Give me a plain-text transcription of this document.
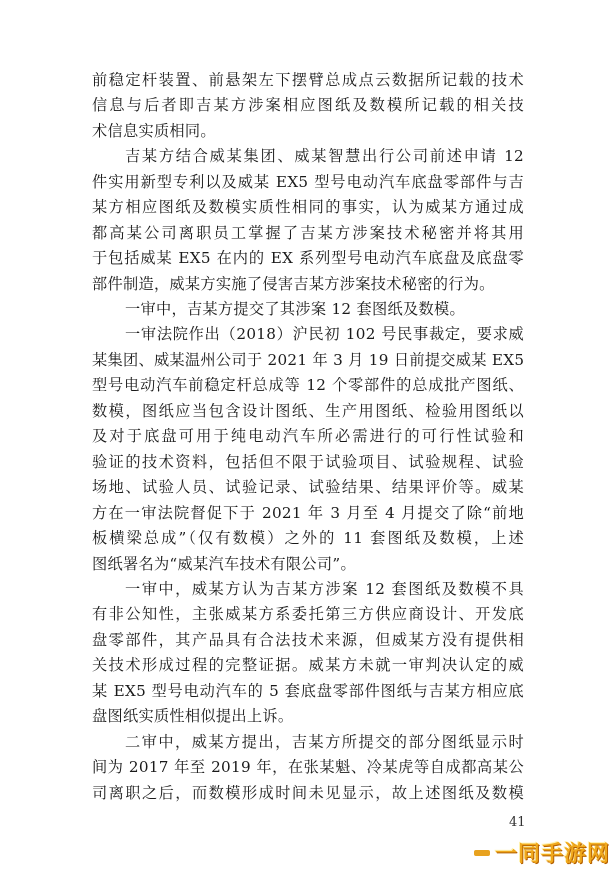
前稳定杆装置、前悬架左下摆臂总成点云数据所记载的技术
信息与后者即吉某方涉案相应图纸及数模所记载的相关技
术信息实质相同。
吉某方结合威某集团、威某智慧出行公司前述申请 12
件实用新型专利以及威某 EX5 型号电动汽车底盘零部件与吉
某方相应图纸及数模实质性相同的事实，认为威某方通过成
都高某公司离职员工掌握了吉某方涉案技术秘密并将其用
于包括威某 EX5 在内的 EX 系列型号电动汽车底盘及底盘零
部件制造，威某方实施了侵害吉某方涉案技术秘密的行为。
一审中，吉某方提交了其涉案 12 套图纸及数模。
一审法院作出（2018）沪民初 102 号民事裁定，要求威
某集团、威某温州公司于 2021 年 3 月 19 日前提交威某 EX5
型号电动汽车前稳定杆总成等 12 个零部件的总成批产图纸、
数模，图纸应当包含设计图纸、生产用图纸、检验用图纸以
及对于底盘可用于纯电动汽车所必需进行的可行性试验和
验证的技术资料，包括但不限于试验项目、试验规程、试验
场地、试验人员、试验记录、试验结果、结果评价等。威某
方在一审法院督促下于 2021 年 3 月至 4 月提交了除“前地
板横梁总成”（仅有数模）之外的 11 套图纸及数模，上述
图纸署名为“威某汽车技术有限公司”。
一审中，威某方认为吉某方涉案 12 套图纸及数模不具
有非公知性，主张威某方系委托第三方供应商设计、开发底
盘零部件，其产品具有合法技术来源，但威某方没有提供相
关技术形成过程的完整证据。威某方未就一审判决认定的威
某 EX5 型号电动汽车的 5 套底盘零部件图纸与吉某方相应底
盘图纸实质性相似提出上诉。
二审中，威某方提出，吉某方所提交的部分图纸显示时
间为 2017 年至 2019 年，在张某魁、冷某虎等自成都高某公
司离职之后，而数模形成时间未见显示，故上述图纸及数模
41
一同手游网
